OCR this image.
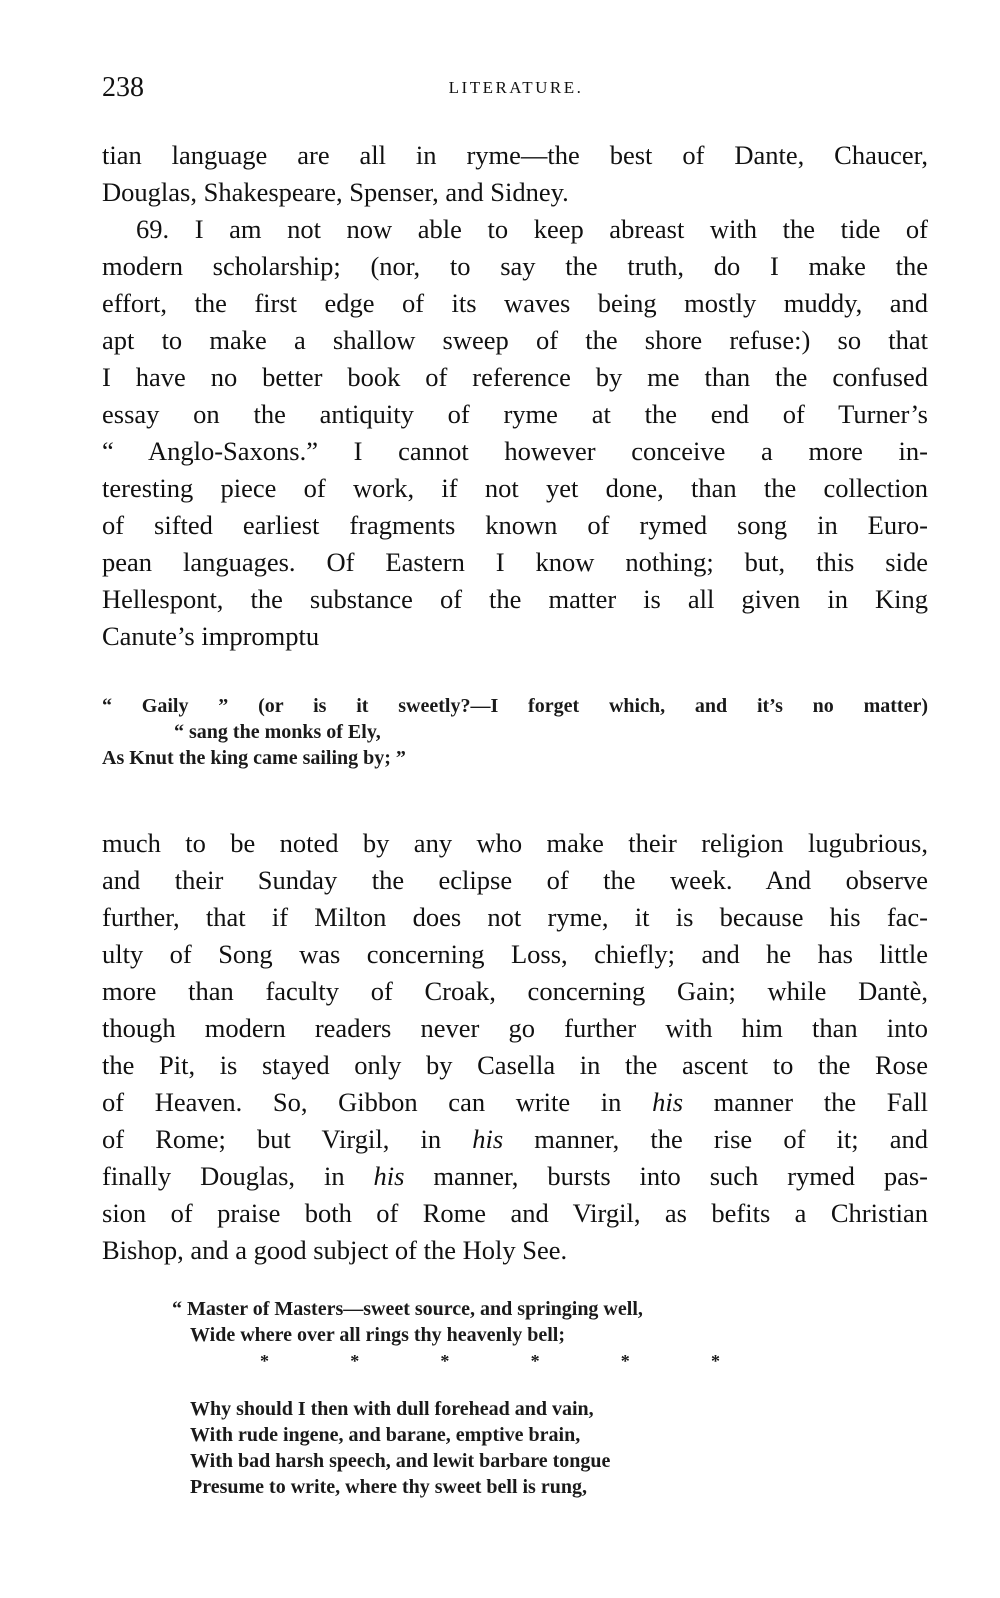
238	LITERATURE.
tian language are all in ryme—the best of Dante, Chaucer,
Douglas, Shakespeare, Spenser, and Sidney.
69. I am not now able to keep abreast with the tide of
modern scholarship; (nor, to say the truth, do I make the
effort, the first edge of its waves being mostly muddy, and
apt to make a shallow sweep of the shore refuse:) so that
I have no better book of reference by me than the confused
essay on the antiquity of ryme at the end of Turner’s
“ Anglo-Saxons.” I cannot however conceive a more in-
teresting piece of work, if not yet done, than the collection
of sifted earliest fragments known of rymed song in Euro-
pean languages. Of Eastern I know nothing; but, this side
Hellespont, the substance of the matter is all given in King
Canute’s impromptu
“ Gaily ” (or is it sweetly?—I forget which, and it’s no matter)
“ sang the monks of Ely,
As Knut the king came sailing by; ”
much to be noted by any who make their religion lugubrious,
and their Sunday the eclipse of the week. And observe
further, that if Milton does not ryme, it is because his fac-
ulty of Song was concerning Loss, chiefly; and he has little
more than faculty of Croak, concerning Gain; while Dantè,
though modern readers never go further with him than into
the Pit, is stayed only by Casella in the ascent to the Rose
of Heaven. So, Gibbon can write in his manner the Fall
of Rome; but Virgil, in his manner, the rise of it; and
finally Douglas, in his manner, bursts into such rymed pas-
sion of praise both of Rome and Virgil, as befits a Christian
Bishop, and a good subject of the Holy See.
“ Master of Masters—sweet source, and springing well,
Wide where over all rings thy heavenly bell;
*	*	*	*	*	*
Why should I then with dull forehead and vain,
With rude ingene, and barane, emptive brain,
With bad harsh speech, and lewit barbare tongue
Presume to write, where thy sweet bell is rung,
